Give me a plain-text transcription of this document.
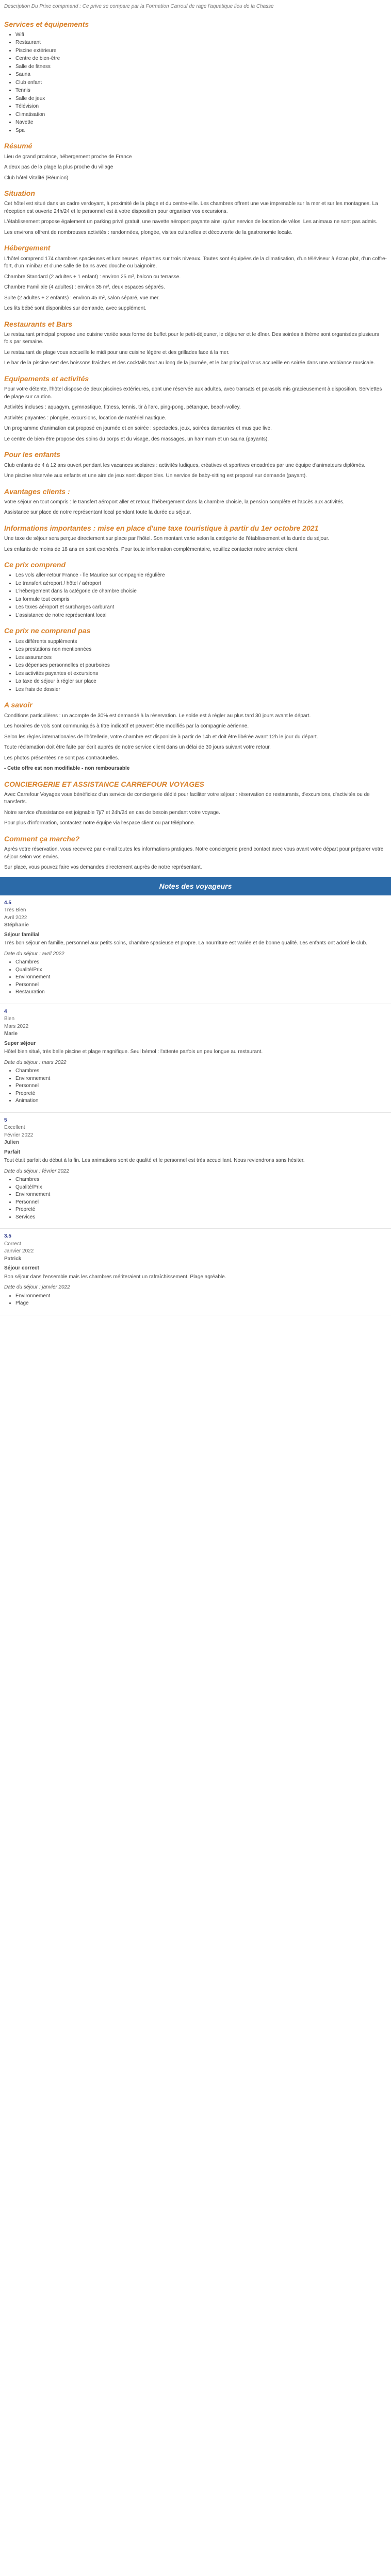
Description Du Prixe compmand : Ce prive se compare par la Formation Carrouf de rage l'aquatique lieu de la Chasse
Services et équipements
• Wifi
• Restaurant
• Piscine extérieure
• Centre de bien-être
• Salle de fitness
• Sauna
• Club enfant
• Tennis
• Salle de jeux
• Télévision
• Climatisation
• Navette
• Spa
Résumé

Lieu de grand province, hébergement proche de France

A deux pas de la plage la plus proche du village

Club hôtel Vitalité (Réunion)

Situation

Cet hôtel est situé dans un cadre verdoyant, à proximité de la plage et du centre-ville. Les chambres offrent une vue imprenable sur la mer et sur les montagnes. La réception est ouverte 24h/24 et le personnel est à votre disposition pour organiser vos excursions.

L'établissement propose également un parking privé gratuit, une navette aéroport payante ainsi qu'un service de location de vélos. Les animaux ne sont pas admis.

Les environs offrent de nombreuses activités : randonnées, plongée, visites culturelles et découverte de la gastronomie locale.

Hébergement

L'hôtel comprend 174 chambres spacieuses et lumineuses, réparties sur trois niveaux. Toutes sont équipées de la climatisation, d'un téléviseur à écran plat, d'un coffre-fort, d'un minibar et d'une salle de bains avec douche ou baignoire.

Chambre Standard (2 adultes + 1 enfant) : environ 25 m², balcon ou terrasse.

Chambre Familiale (4 adultes) : environ 35 m², deux espaces séparés.

Suite (2 adultes + 2 enfants) : environ 45 m², salon séparé, vue mer.

Les lits bébé sont disponibles sur demande, avec supplément.

Restaurants et Bars

Le restaurant principal propose une cuisine variée sous forme de buffet pour le petit-déjeuner, le déjeuner et le dîner. Des soirées à thème sont organisées plusieurs fois par semaine.

Le restaurant de plage vous accueille le midi pour une cuisine légère et des grillades face à la mer.

Le bar de la piscine sert des boissons fraîches et des cocktails tout au long de la journée, et le bar principal vous accueille en soirée dans une ambiance musicale.

Equipements et activités

Pour votre détente, l'hôtel dispose de deux piscines extérieures, dont une réservée aux adultes, avec transats et parasols mis gracieusement à disposition. Serviettes de plage sur caution.

Activités incluses : aquagym, gymnastique, fitness, tennis, tir à l'arc, ping-pong, pétanque, beach-volley.

Activités payantes : plongée, excursions, location de matériel nautique.

Un programme d'animation est proposé en journée et en soirée : spectacles, jeux, soirées dansantes et musique live.

Le centre de bien-être propose des soins du corps et du visage, des massages, un hammam et un sauna (payants).

Pour les enfants

Club enfants de 4 à 12 ans ouvert pendant les vacances scolaires : activités ludiques, créatives et sportives encadrées par une équipe d'animateurs diplômés.

Une piscine réservée aux enfants et une aire de jeux sont disponibles. Un service de baby-sitting est proposé sur demande (payant).

Avantages clients :

Votre séjour en tout compris : le transfert aéroport aller et retour, l'hébergement dans la chambre choisie, la pension complète et l'accès aux activités.

Assistance sur place de notre représentant local pendant toute la durée du séjour.

Informations importantes : mise en place d'une taxe touristique à partir du 1er octobre 2021

Une taxe de séjour sera perçue directement sur place par l'hôtel. Son montant varie selon la catégorie de l'établissement et la durée du séjour.

Les enfants de moins de 18 ans en sont exonérés. Pour toute information complémentaire, veuillez contacter notre service client.

Ce prix comprend
• Les vols aller-retour France - Île Maurice sur compagnie régulière
• Le transfert aéroport / hôtel / aéroport
• L'hébergement dans la catégorie de chambre choisie
• La formule tout compris
• Les taxes aéroport et surcharges carburant
• L'assistance de notre représentant local
Ce prix ne comprend pas
• Les différents suppléments
• Les prestations non mentionnées
• Les assurances
• Les dépenses personnelles et pourboires
• Les activités payantes et excursions
• La taxe de séjour à régler sur place
• Les frais de dossier
A savoir

Conditions particulières : un acompte de 30% est demandé à la réservation. Le solde est à régler au plus tard 30 jours avant le départ.

Les horaires de vols sont communiqués à titre indicatif et peuvent être modifiés par la compagnie aérienne.

Selon les règles internationales de l'hôtellerie, votre chambre est disponible à partir de 14h et doit être libérée avant 12h le jour du départ.

Toute réclamation doit être faite par écrit auprès de notre service client dans un délai de 30 jours suivant votre retour.

Les photos présentées ne sont pas contractuelles.

- Cette offre est non modifiable - non remboursable

CONCIERGERIE ET ASSISTANCE CARREFOUR VOYAGES

Avec Carrefour Voyages vous bénéficiez d'un service de conciergerie dédié pour faciliter votre séjour : réservation de restaurants, d'excursions, d'activités ou de transferts.

Notre service d'assistance est joignable 7j/7 et 24h/24 en cas de besoin pendant votre voyage.

Pour plus d'information, contactez notre équipe via l'espace client ou par téléphone.

Comment ça marche?

Après votre réservation, vous recevrez par e-mail toutes les informations pratiques. Notre conciergerie prend contact avec vous avant votre départ pour préparer votre séjour selon vos envies.

Sur place, vous pouvez faire vos demandes directement auprès de notre représentant.

Notes des voyageurs
4.5
Très Bien
Avril 2022
Stéphanie
Séjour familial

Très bon séjour en famille, personnel aux petits soins, chambre spacieuse et propre. La nourriture est variée et de bonne qualité. Les enfants ont adoré le club.

Date du séjour : avril 2022
• Chambres
• Qualité/Prix
• Environnement
• Personnel
• Restauration
4
Bien
Mars 2022
Marie
Super séjour

Hôtel bien situé, très belle piscine et plage magnifique. Seul bémol : l'attente parfois un peu longue au restaurant.

Date du séjour : mars 2022
• Chambres
• Environnement
• Personnel
• Propreté
• Animation
5
Excellent
Février 2022
Julien
Parfait

Tout était parfait du début à la fin. Les animations sont de qualité et le personnel est très accueillant. Nous reviendrons sans hésiter.

Date du séjour : février 2022
• Chambres
• Qualité/Prix
• Environnement
• Personnel
• Propreté
• Services
3.5
Correct
Janvier 2022
Patrick
Séjour correct

Bon séjour dans l'ensemble mais les chambres mériteraient un rafraîchissement. Plage agréable.

Date du séjour : janvier 2022
• Environnement
• Plage
